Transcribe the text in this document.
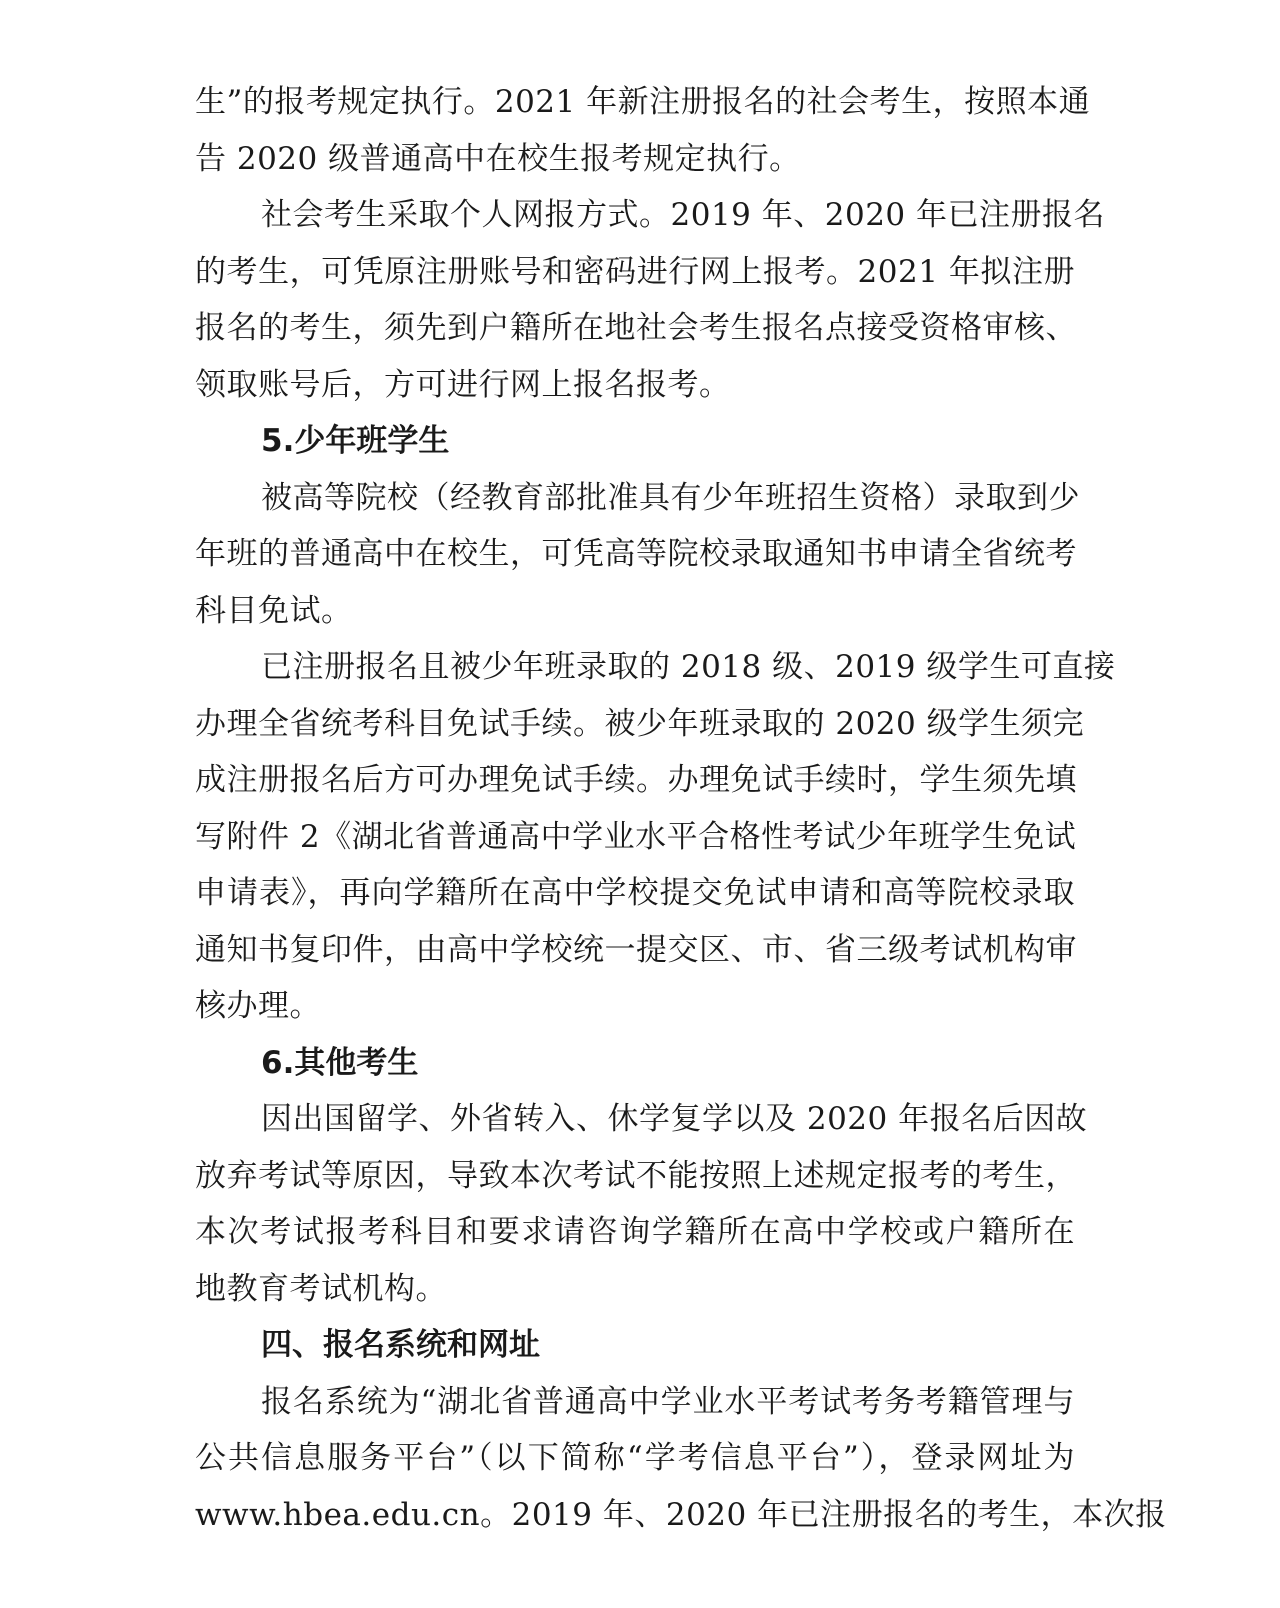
生”的报考规定执行。2021 年新注册报名的社会考生，按照本通
告 2020 级普通高中在校生报考规定执行。
社会考生采取个人网报方式。2019 年、2020 年已注册报名
的考生，可凭原注册账号和密码进行网上报考。2021 年拟注册
报名的考生，须先到户籍所在地社会考生报名点接受资格审核、
领取账号后，方可进行网上报名报考。
5.少年班学生
被高等院校（经教育部批准具有少年班招生资格）录取到少
年班的普通高中在校生，可凭高等院校录取通知书申请全省统考
科目免试。
已注册报名且被少年班录取的 2018 级、2019 级学生可直接
办理全省统考科目免试手续。被少年班录取的 2020 级学生须完
成注册报名后方可办理免试手续。办理免试手续时，学生须先填
写附件 2《湖北省普通高中学业水平合格性考试少年班学生免试
申请表》，再向学籍所在高中学校提交免试申请和高等院校录取
通知书复印件，由高中学校统一提交区、市、省三级考试机构审
核办理。
6.其他考生
因出国留学、外省转入、休学复学以及 2020 年报名后因故
放弃考试等原因，导致本次考试不能按照上述规定报考的考生，
本次考试报考科目和要求请咨询学籍所在高中学校或户籍所在
地教育考试机构。
四、报名系统和网址
报名系统为“湖北省普通高中学业水平考试考务考籍管理与
公共信息服务平台”（以下简称“学考信息平台”），登录网址为
www.hbea.edu.cn。2019 年、2020 年已注册报名的考生，本次报
